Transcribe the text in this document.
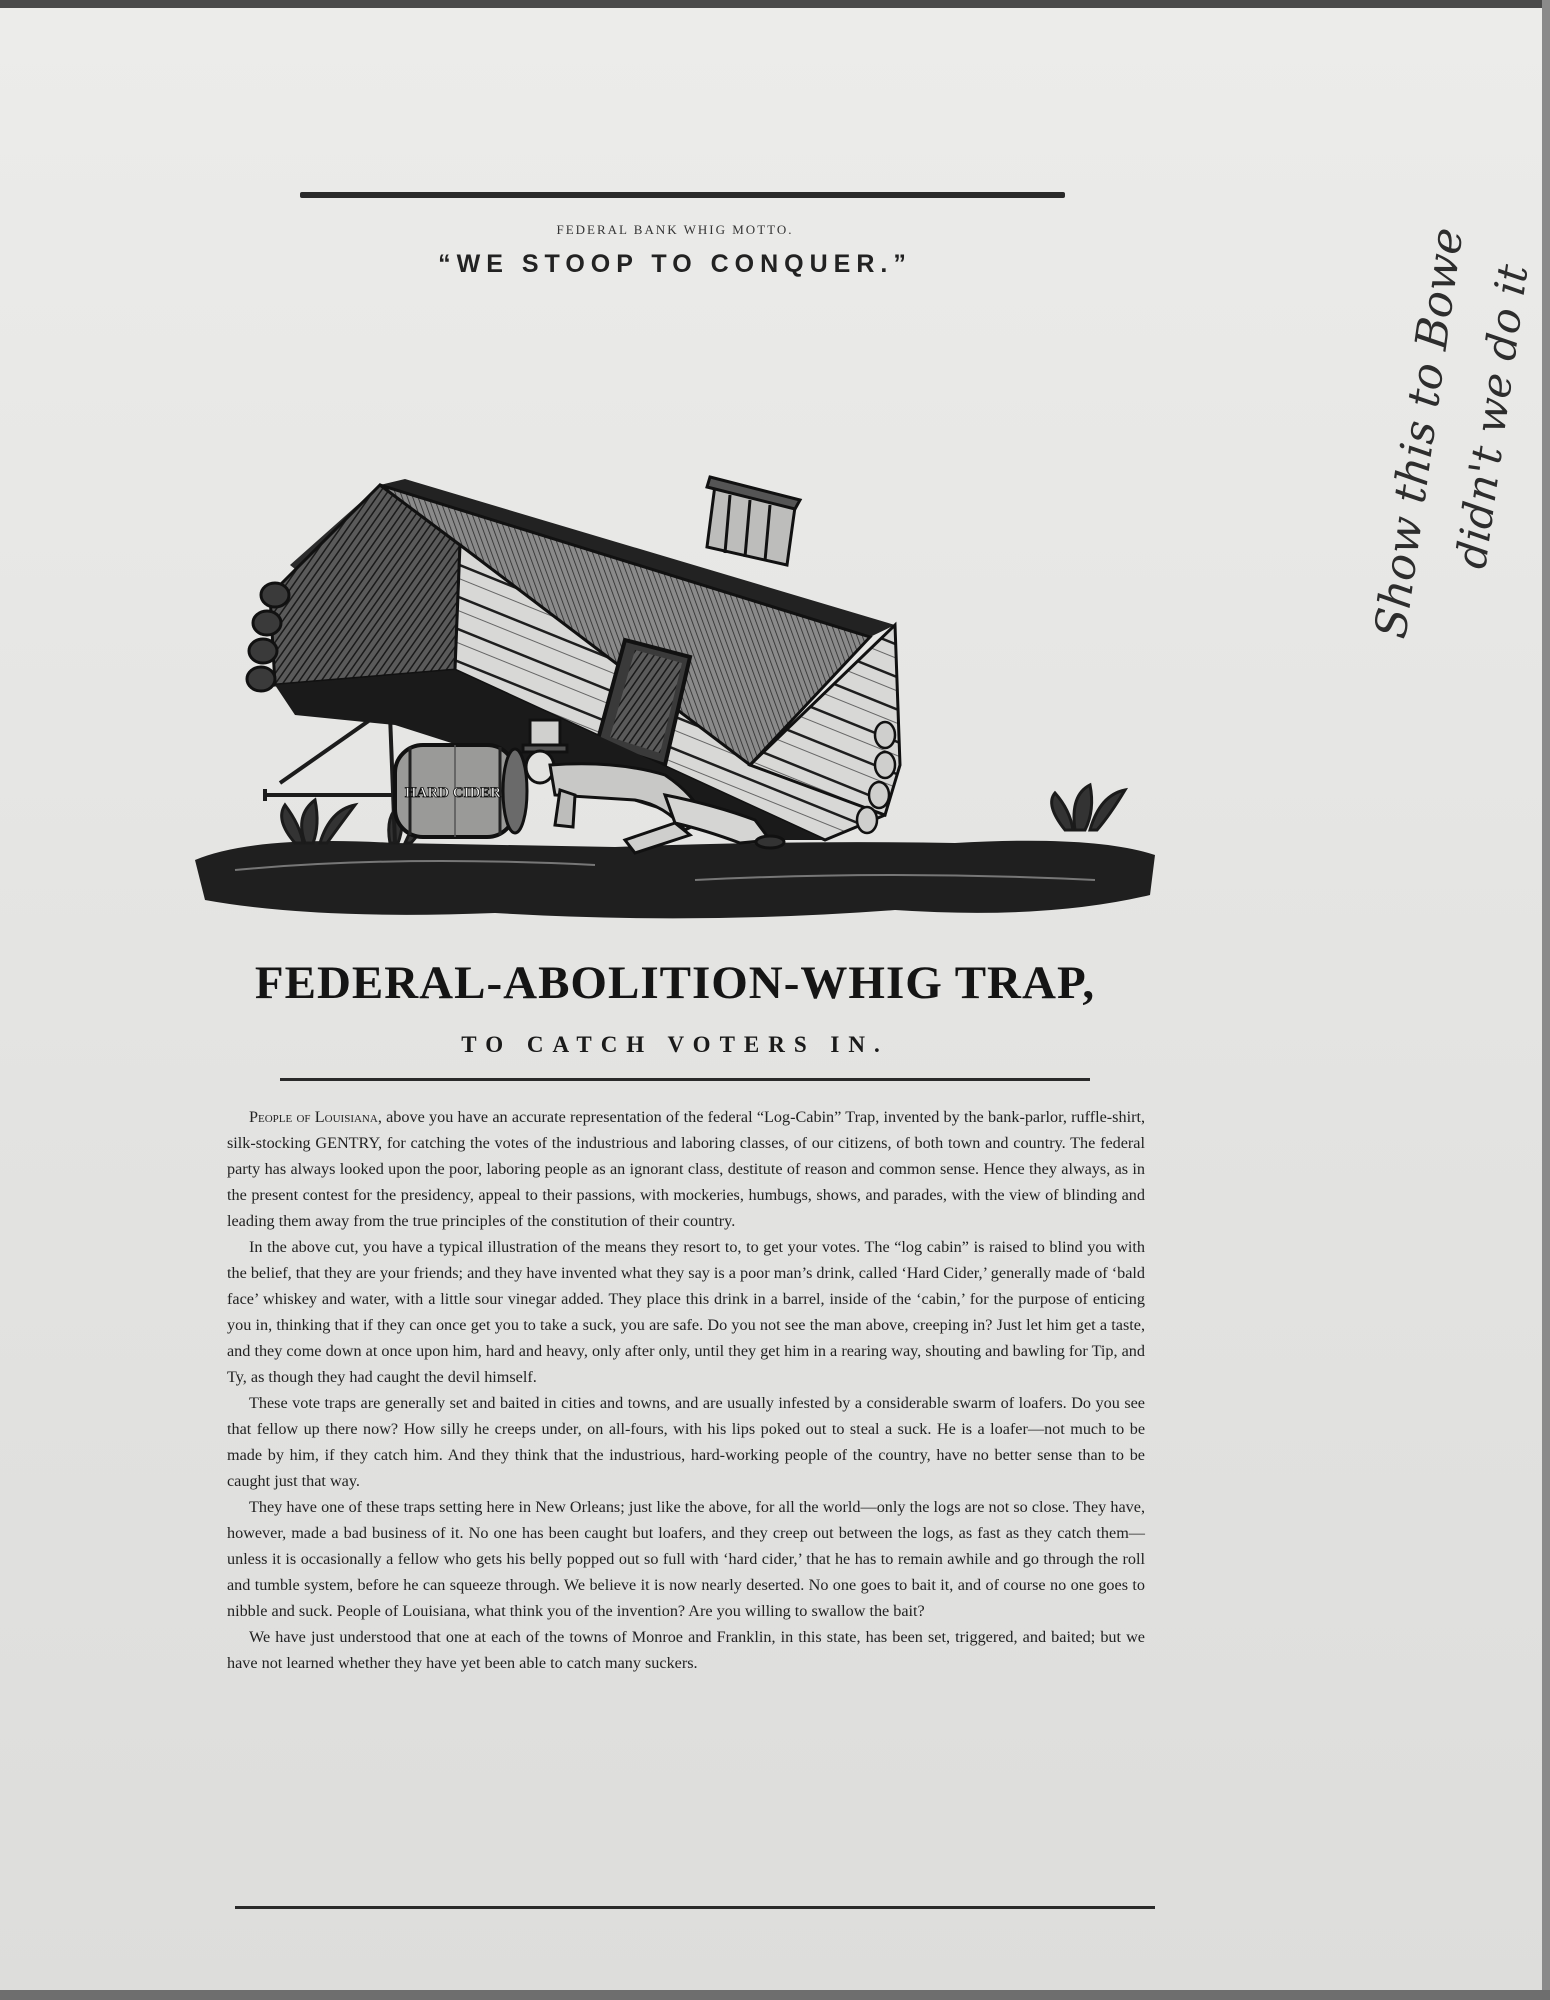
FEDERAL BANK WHIG MOTTO.
“WE STOOP TO CONQUER.”
HARD CIDER
FEDERAL-ABOLITION-WHIG TRAP,
TO CATCH VOTERS IN.

People of Louisiana, above you have an accurate representation of the federal “Log-Cabin” Trap, invented by the bank-parlor, ruffle-shirt, silk-stocking GENTRY, for catching the votes of the industrious and laboring classes, of our citizens, of both town and country. The federal party has always looked upon the poor, laboring people as an ignorant class, destitute of reason and common sense. Hence they always, as in the present contest for the presidency, appeal to their passions, with mockeries, humbugs, shows, and parades, with the view of blinding and leading them away from the true principles of the constitution of their country.

In the above cut, you have a typical illustration of the means they resort to, to get your votes. The “log cabin” is raised to blind you with the belief, that they are your friends; and they have invented what they say is a poor man’s drink, called ‘Hard Cider,’ generally made of ‘bald face’ whiskey and water, with a little sour vinegar added. They place this drink in a barrel, inside of the ‘cabin,’ for the purpose of enticing you in, thinking that if they can once get you to take a suck, you are safe. Do you not see the man above, creeping in? Just let him get a taste, and they come down at once upon him, hard and heavy, only after only, until they get him in a rearing way, shouting and bawling for Tip, and Ty, as though they had caught the devil himself.

These vote traps are generally set and baited in cities and towns, and are usually infested by a considerable swarm of loafers. Do you see that fellow up there now? How silly he creeps under, on all-fours, with his lips poked out to steal a suck. He is a loafer—not much to be made by him, if they catch him. And they think that the industrious, hard-working people of the country, have no better sense than to be caught just that way.

They have one of these traps setting here in New Orleans; just like the above, for all the world—only the logs are not so close. They have, however, made a bad business of it. No one has been caught but loafers, and they creep out between the logs, as fast as they catch them—unless it is occasionally a fellow who gets his belly popped out so full with ‘hard cider,’ that he has to remain awhile and go through the roll and tumble system, before he can squeeze through. We believe it is now nearly deserted. No one goes to bait it, and of course no one goes to nibble and suck. People of Louisiana, what think you of the invention? Are you willing to swallow the bait?

We have just understood that one at each of the towns of Monroe and Franklin, in this state, has been set, triggered, and baited; but we have not learned whether they have yet been able to catch many suckers.

Show this to Bowe
didn't we do it
